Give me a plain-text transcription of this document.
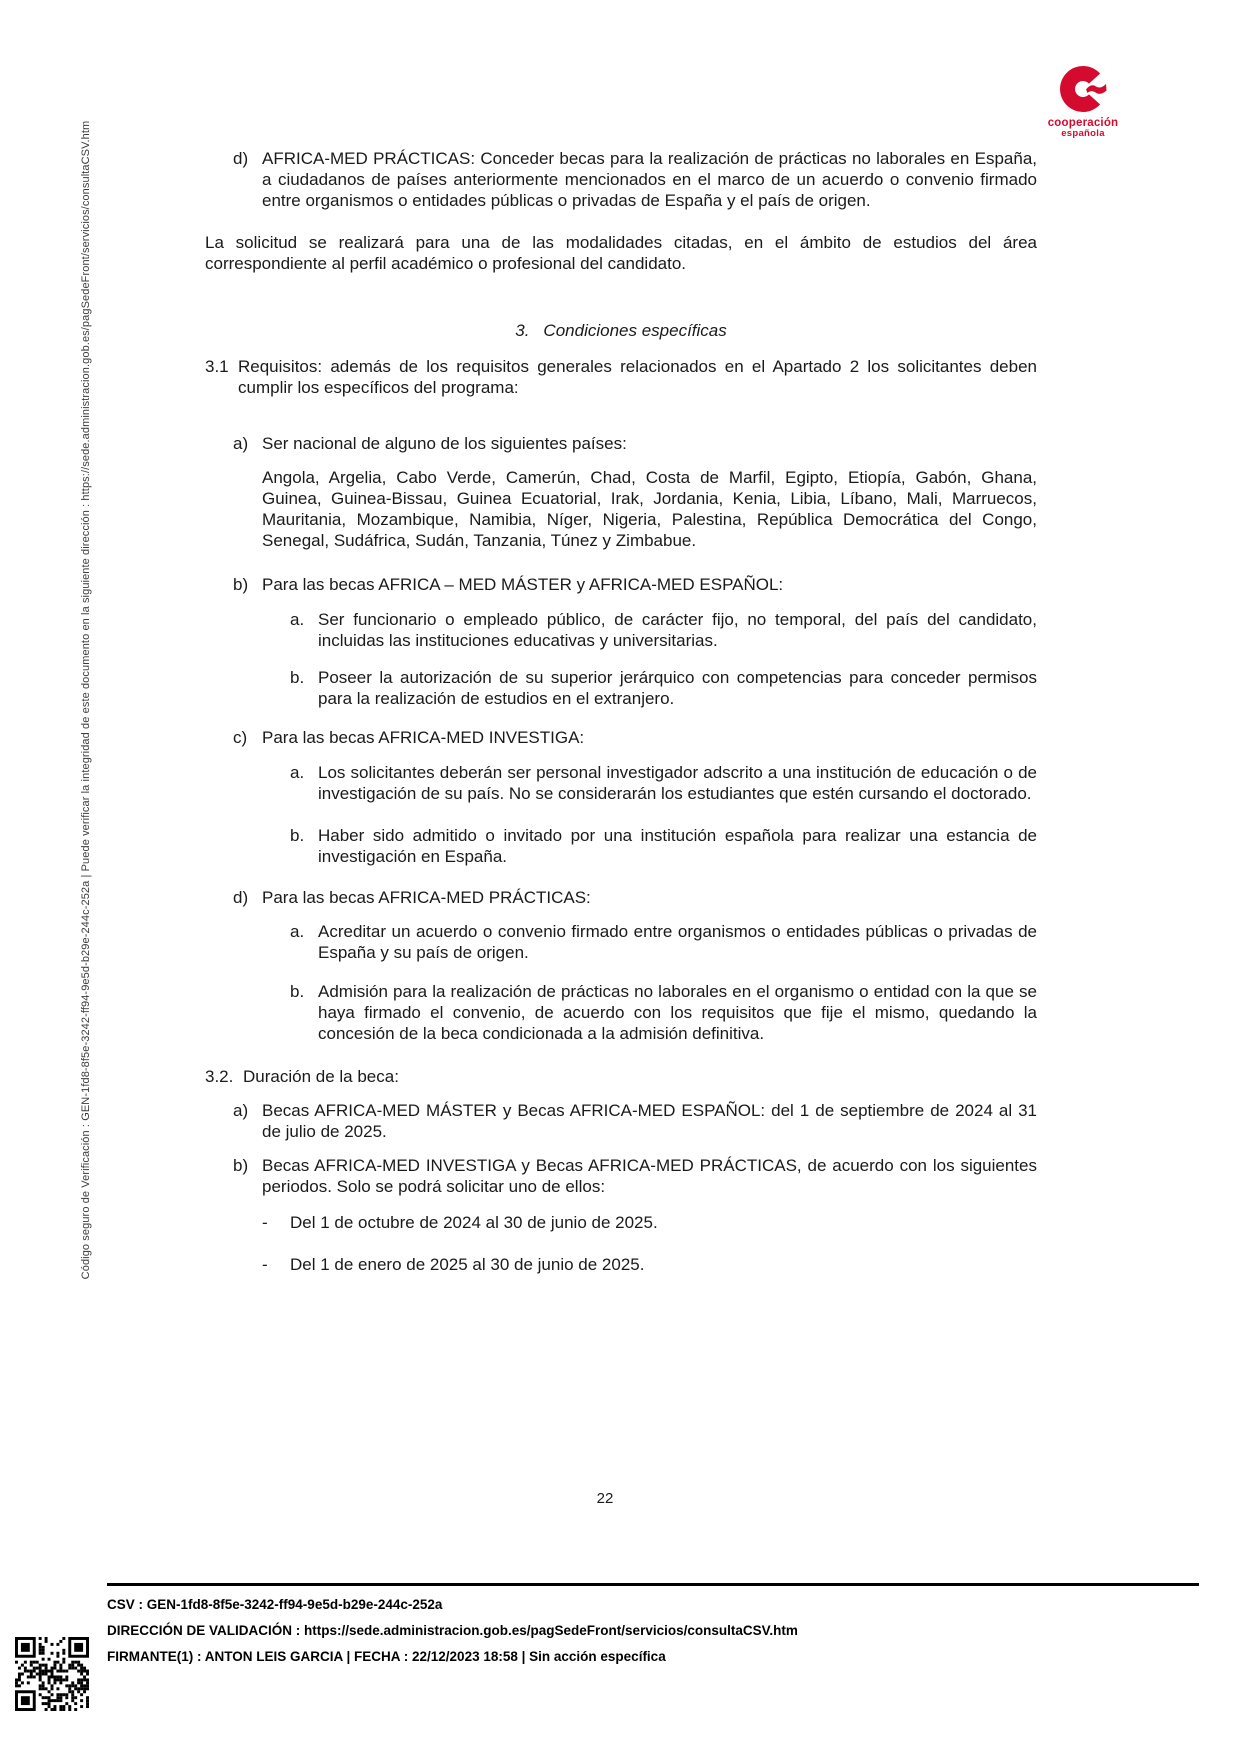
Código seguro de Verificación : GEN-1fd8-8f5e-3242-ff94-9e5d-b29e-244c-252a | Puede verificar la integridad de este documento en la siguiente dirección : https://sede.administracion.gob.es/pagSedeFront/servicios/consultaCSV.htm	cooperación
española
d) AFRICA-MED PRÁCTICAS: Conceder becas para la realización de prácticas no laborales en España, a ciudadanos de países anteriormente mencionados en el marco de un acuerdo o convenio firmado entre organismos o entidades públicas o privadas de España y el país de origen.
La solicitud se realizará para una de las modalidades citadas, en el ámbito de estudios del área correspondiente al perfil académico o profesional del candidato.
3. Condiciones específicas
3.1 Requisitos: además de los requisitos generales relacionados en el Apartado 2 los solicitantes deben cumplir los específicos del programa:
a) Ser nacional de alguno de los siguientes países:
Angola, Argelia, Cabo Verde, Camerún, Chad, Costa de Marfil, Egipto, Etiopía, Gabón, Ghana, Guinea, Guinea-Bissau, Guinea Ecuatorial, Irak, Jordania, Kenia, Libia, Líbano, Mali, Marruecos, Mauritania, Mozambique, Namibia, Níger, Nigeria, Palestina, República Democrática del Congo, Senegal, Sudáfrica, Sudán, Tanzania, Túnez y Zimbabue.
b) Para las becas AFRICA – MED MÁSTER y AFRICA-MED ESPAÑOL:
a. Ser funcionario o empleado público, de carácter fijo, no temporal, del país del candidato, incluidas las instituciones educativas y universitarias.
b. Poseer la autorización de su superior jerárquico con competencias para conceder permisos para la realización de estudios en el extranjero.
c) Para las becas AFRICA-MED INVESTIGA:
a. Los solicitantes deberán ser personal investigador adscrito a una institución de educación o de investigación de su país. No se considerarán los estudiantes que estén cursando el doctorado.
b. Haber sido admitido o invitado por una institución española para realizar una estancia de investigación en España.
d) Para las becas AFRICA-MED PRÁCTICAS:
a. Acreditar un acuerdo o convenio firmado entre organismos o entidades públicas o privadas de España y su país de origen.
b. Admisión para la realización de prácticas no laborales en el organismo o entidad con la que se haya firmado el convenio, de acuerdo con los requisitos que fije el mismo, quedando la concesión de la beca condicionada a la admisión definitiva.
3.2. Duración de la beca:
a) Becas AFRICA-MED MÁSTER y Becas AFRICA-MED ESPAÑOL: del 1 de septiembre de 2024 al 31 de julio de 2025.
b) Becas AFRICA-MED INVESTIGA y Becas AFRICA-MED PRÁCTICAS, de acuerdo con los siguientes periodos. Solo se podrá solicitar uno de ellos:
- Del 1 de octubre de 2024 al 30 de junio de 2025.
- Del 1 de enero de 2025 al 30 de junio de 2025.
22
CSV : GEN-1fd8-8f5e-3242-ff94-9e5d-b29e-244c-252a
DIRECCIÓN DE VALIDACIÓN : https://sede.administracion.gob.es/pagSedeFront/servicios/consultaCSV.htm
FIRMANTE(1) : ANTON LEIS GARCIA | FECHA : 22/12/2023 18:58 | Sin acción específica
